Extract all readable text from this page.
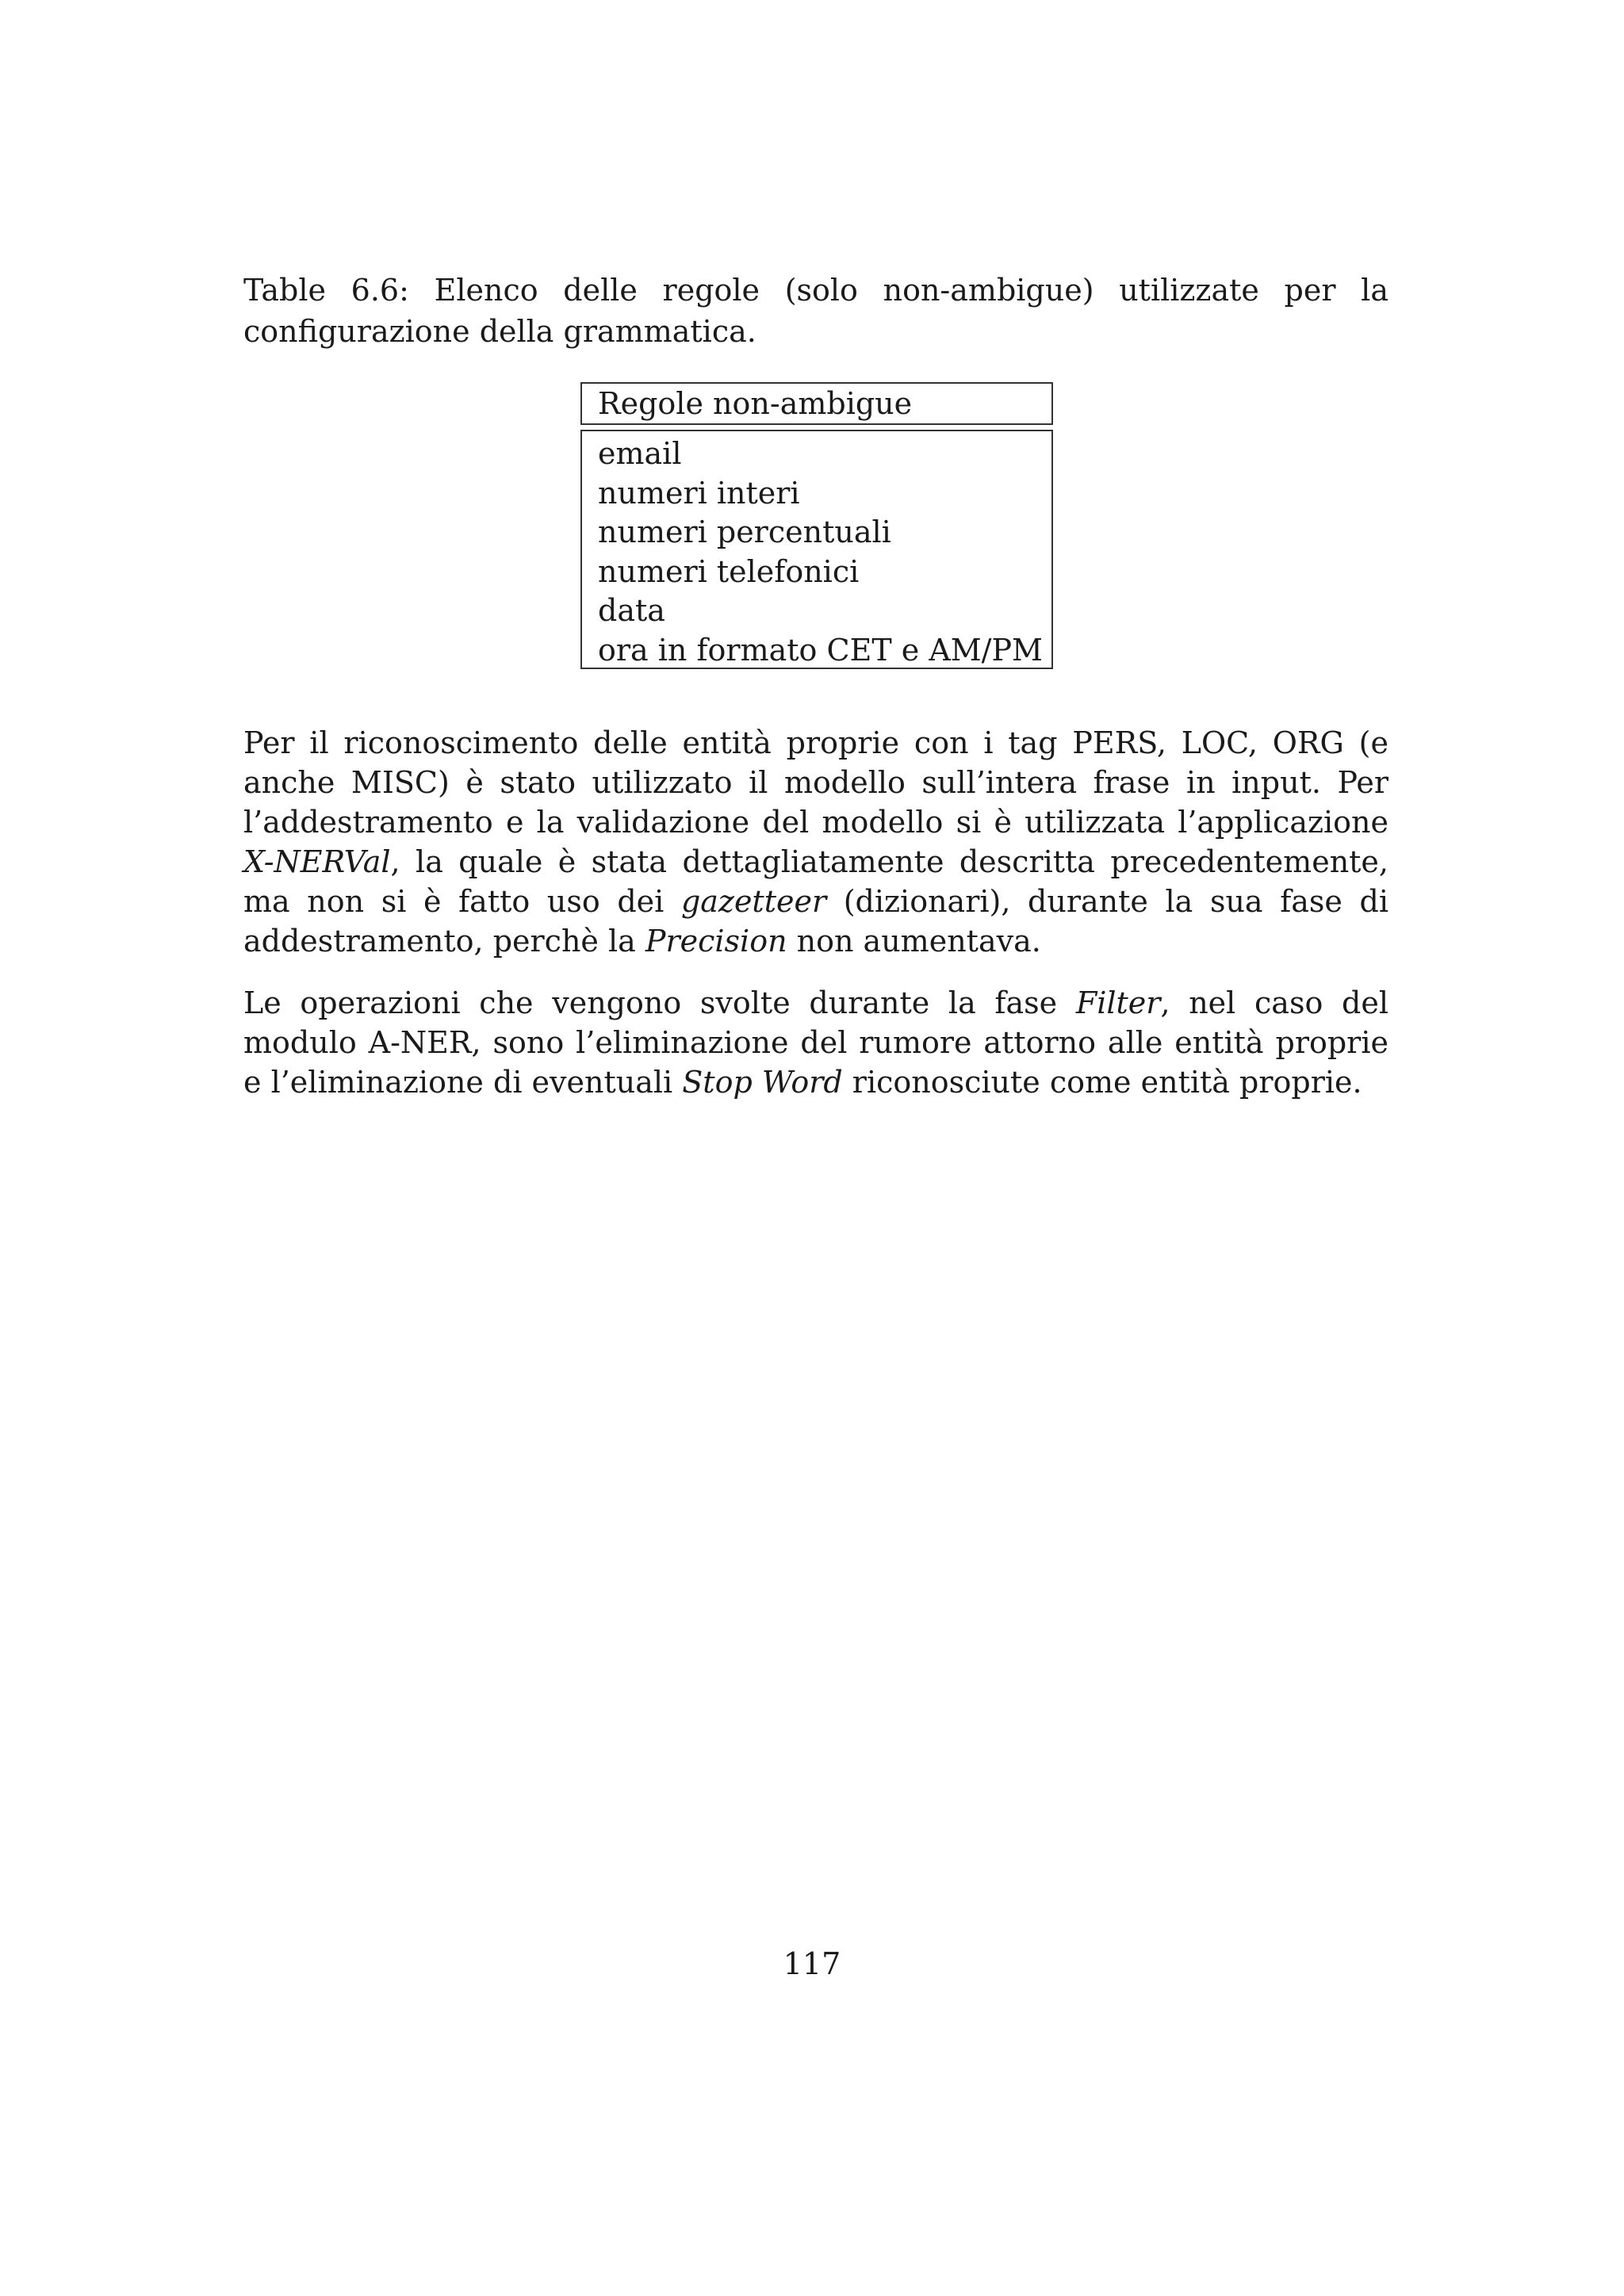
Table 6.6: Elenco delle regole (solo non-ambigue) utilizzate per la configurazione della grammatica.

Regole non-ambigue
email
numeri interi
numeri percentuali
numeri telefonici
data
ora in formato CET e AM/PM

Per il riconoscimento delle entità proprie con i tag PERS, LOC, ORG (e anche MISC) è stato utilizzato il modello sull’intera frase in input. Per l’addestramento e la validazione del modello si è utilizzata l’applicazione X-NERVal, la quale è stata dettagliatamente descritta precedentemente, ma non si è fatto uso dei gazetteer (dizionari), durante la sua fase di addestramento, perchè la Precision non aumentava.

Le operazioni che vengono svolte durante la fase Filter, nel caso del modulo A-NER, sono l’eliminazione del rumore attorno alle entità proprie e l’eliminazione di eventuali Stop Word riconosciute come entità proprie.

117
